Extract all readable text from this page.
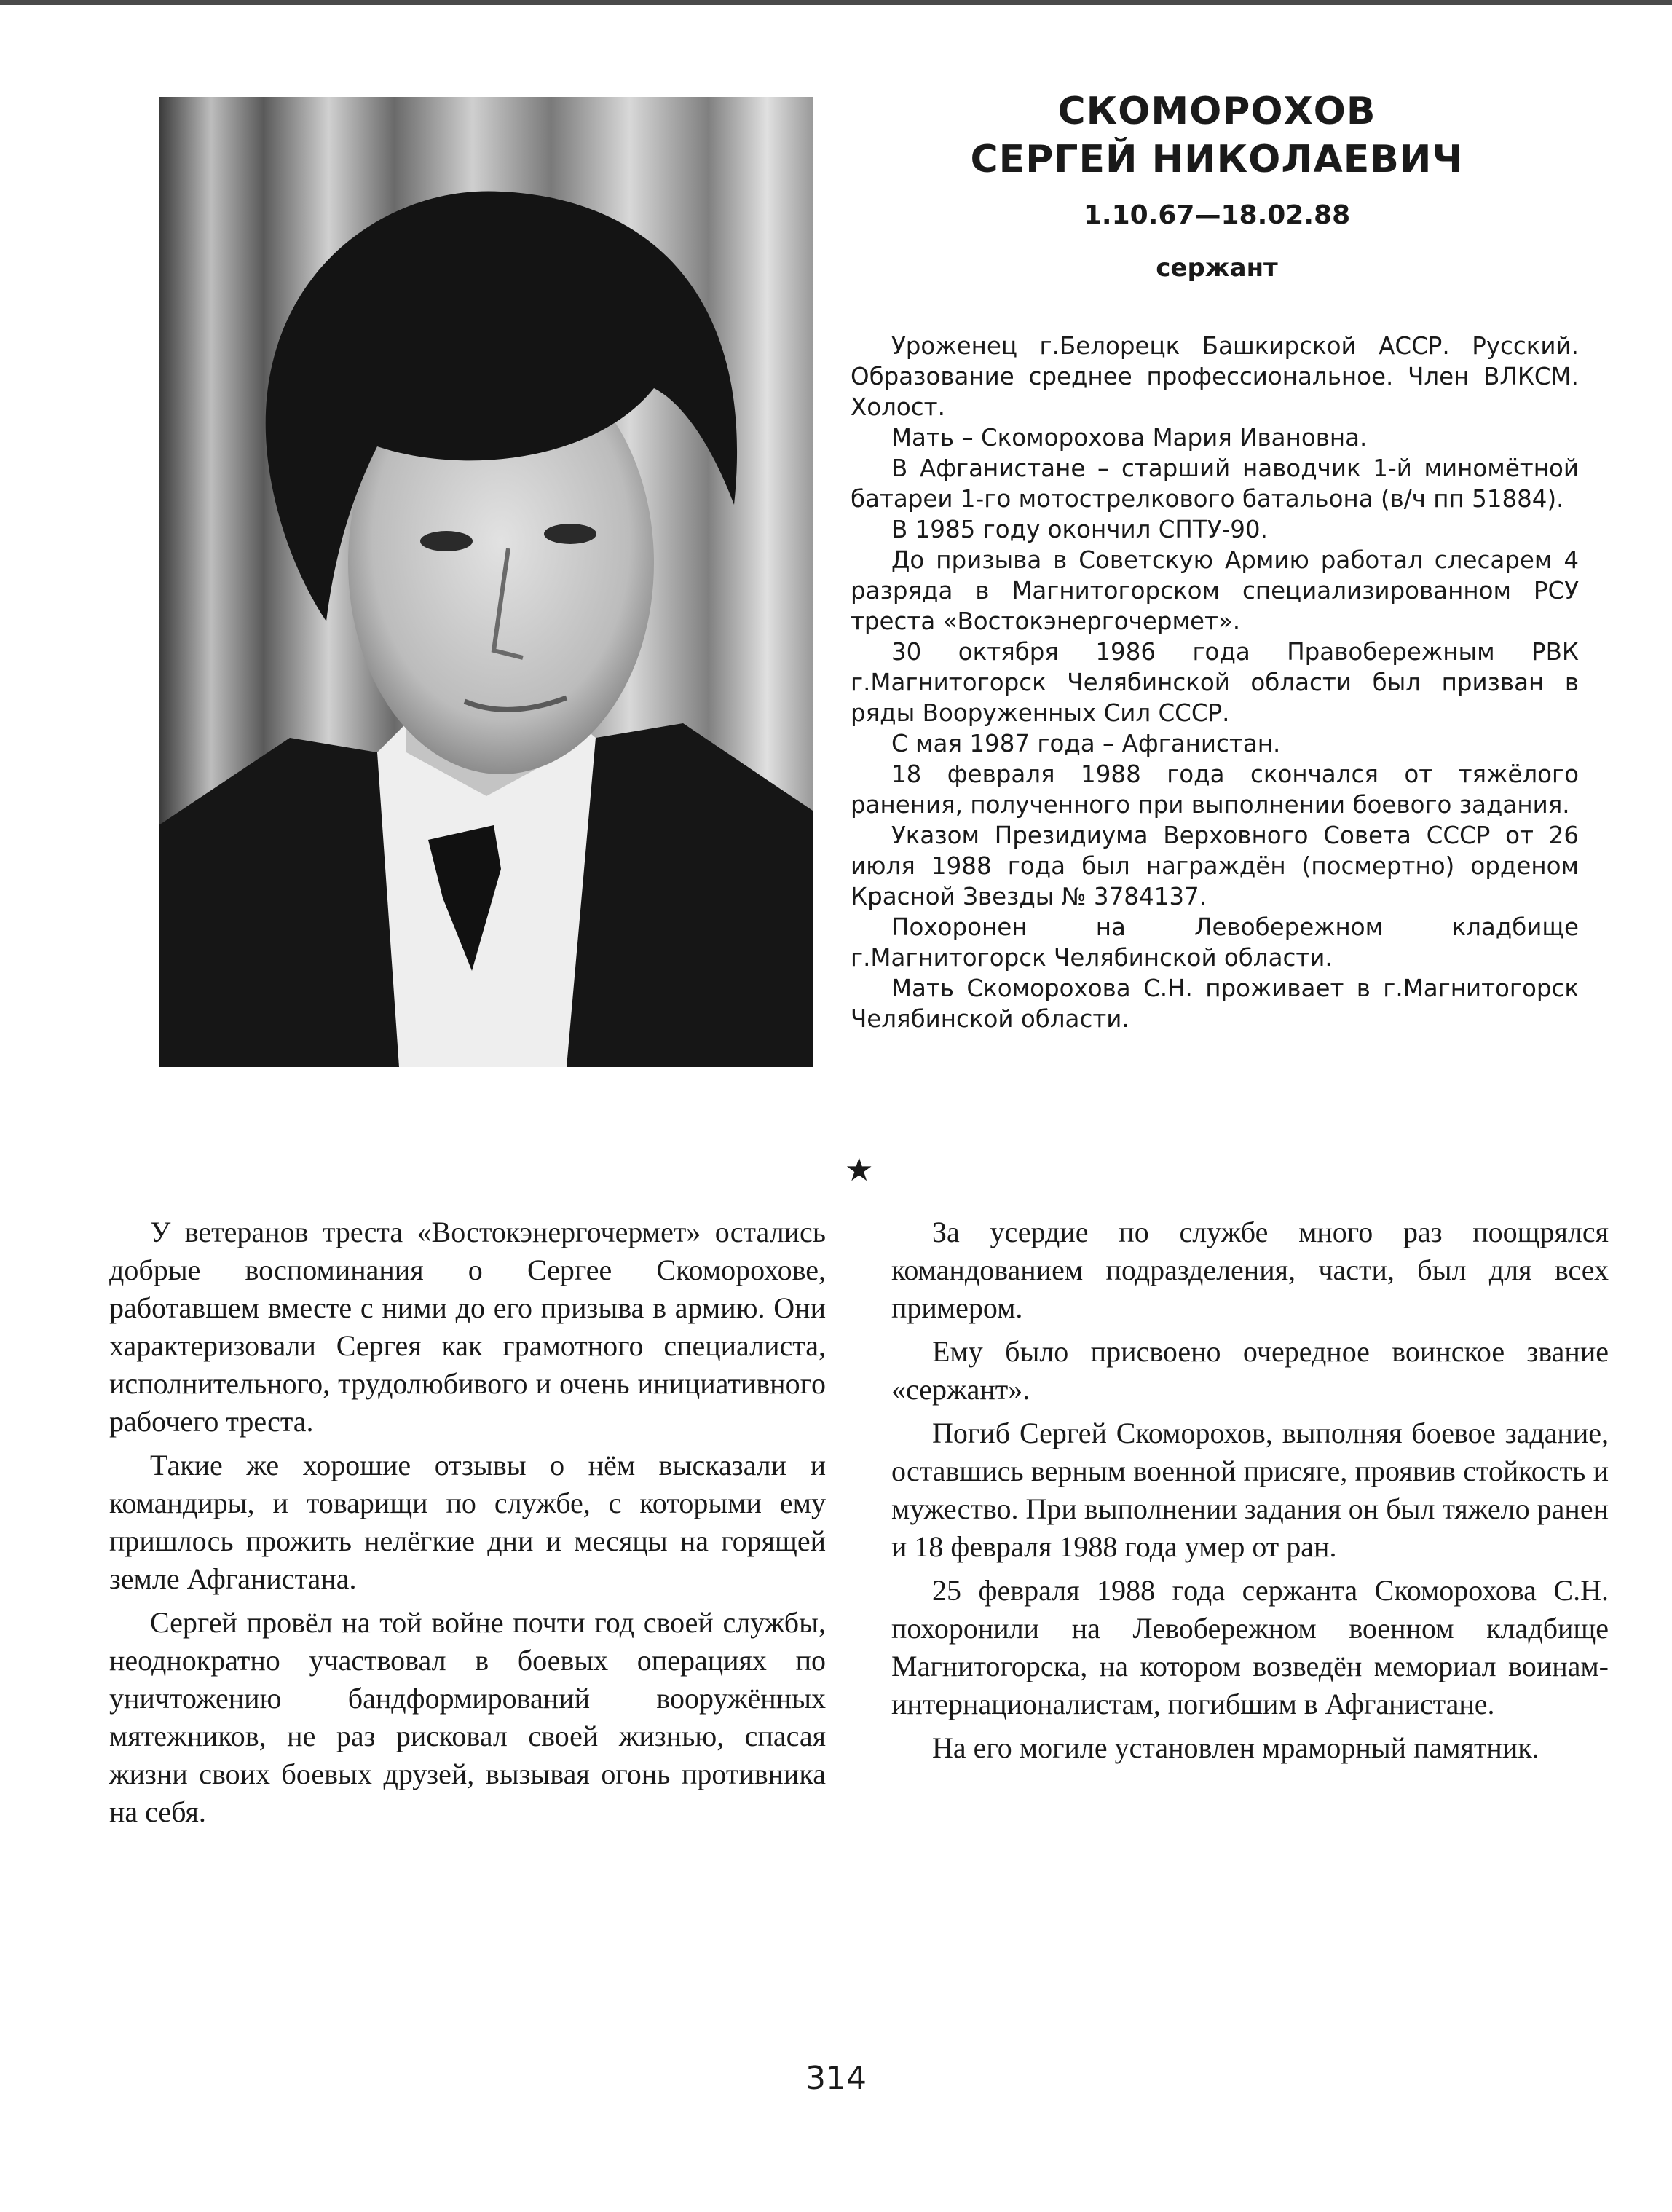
СКОМОРОХОВ
СЕРГЕЙ НИКОЛАЕВИЧ
1.10.67—18.02.88
сержант

Уроженец г.Белорецк Башкирской АССР. Русский. Образование среднее профессиональное. Член ВЛКСМ. Холост.

Мать – Скоморохова Мария Ивановна.

В Афганистане – старший наводчик 1-й миномётной батареи 1-го мотострелкового батальона (в/ч пп 51884).

В 1985 году окончил СПТУ-90.

До призыва в Советскую Армию работал слесарем 4 разряда в Магнитогорском специализированном РСУ треста «Востокэнергочермет».

30 октября 1986 года Правобережным РВК г.Магнитогорск Челябинской области был призван в ряды Вооруженных Сил СССР.

С мая 1987 года – Афганистан.

18 февраля 1988 года скончался от тяжёлого ранения, полученного при выполнении боевого задания.

Указом Президиума Верховного Совета СССР от 26 июля 1988 года был награждён (посмертно) орденом Красной Звезды № 3784137.

Похоронен на Левобережном кладбище г.Магнитогорск Челябинской области.

Мать Скоморохова С.Н. проживает в г.Магнитогорск Челябинской области.

★

У ветеранов треста «Востокэнергочермет» остались добрые воспоминания о Сергее Скоморохове, работавшем вместе с ними до его призыва в армию. Они характеризовали Сергея как грамотного специалиста, исполнительного, трудолюбивого и очень инициативного рабочего треста.

Такие же хорошие отзывы о нём высказали и командиры, и товарищи по службе, с которыми ему пришлось прожить нелёгкие дни и месяцы на горящей земле Афганистана.

Сергей провёл на той войне почти год своей службы, неоднократно участвовал в боевых операциях по уничтожению бандформирований вооружённых мятежников, не раз рисковал своей жизнью, спасая жизни своих боевых друзей, вызывая огонь противника на себя.

За усердие по службе много раз поощрялся командованием подразделения, части, был для всех примером.

Ему было присвоено очередное воинское звание «сержант».

Погиб Сергей Скоморохов, выполняя боевое задание, оставшись верным военной присяге, проявив стойкость и мужество. При выполнении задания он был тяжело ранен и 18 февраля 1988 года умер от ран.

25 февраля 1988 года сержанта Скоморохова С.Н. похоронили на Левобережном военном кладбище Магнитогорска, на котором возведён мемориал воинам-интернационалистам, погибшим в Афганистане.

На его могиле установлен мраморный памятник.

314
